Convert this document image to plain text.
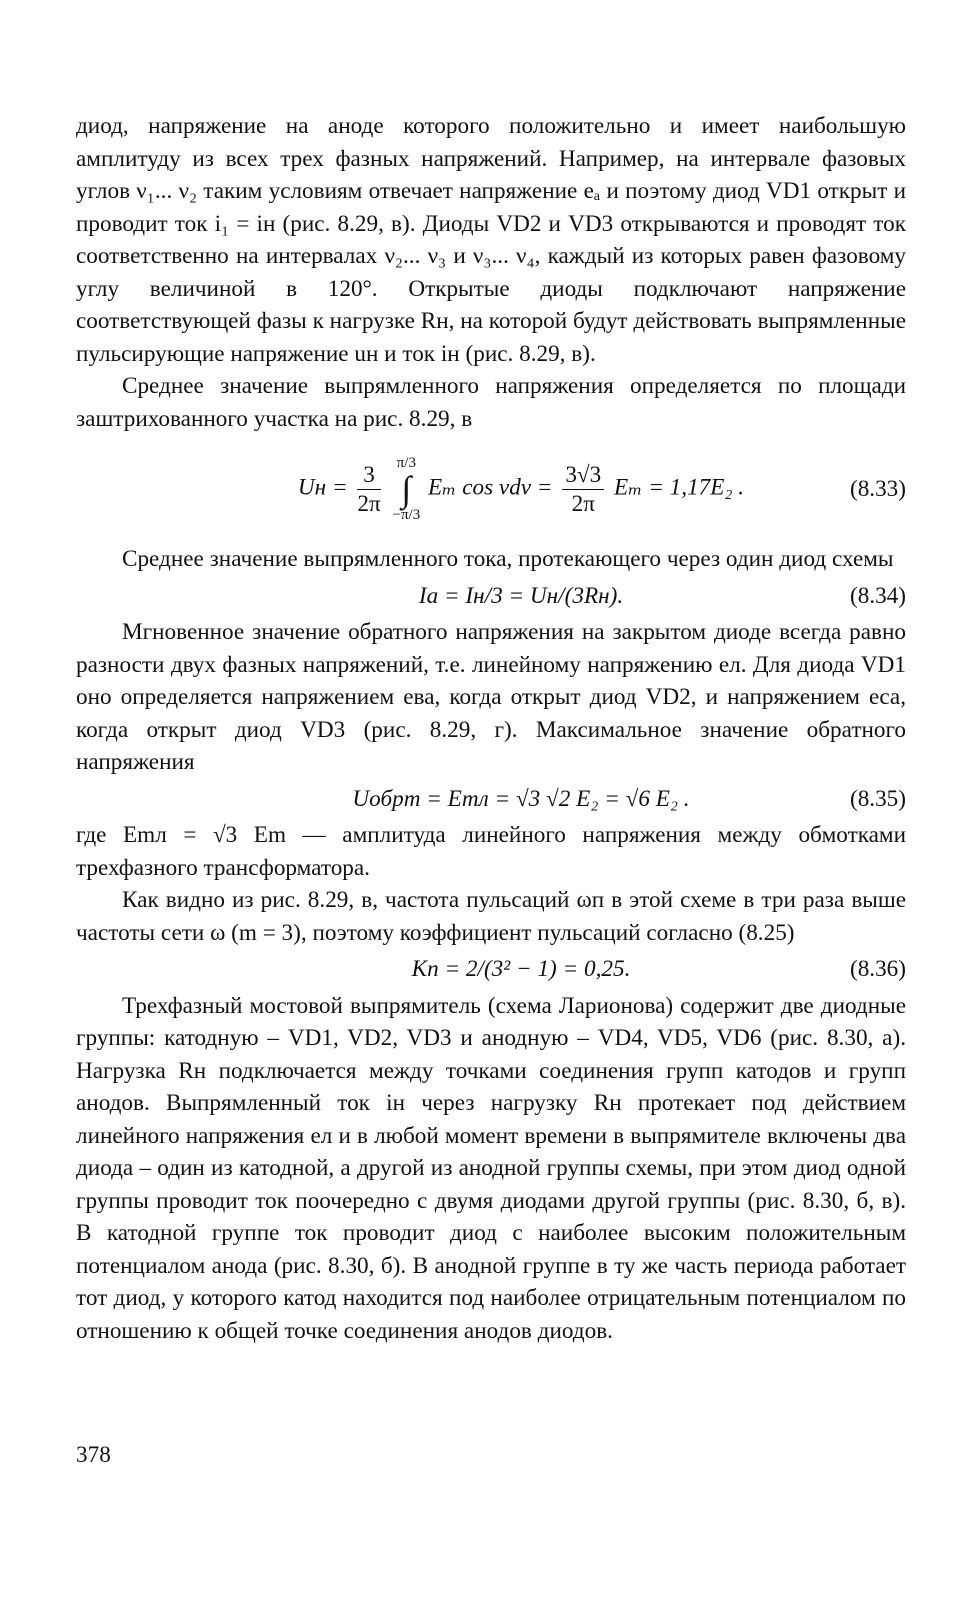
диод, напряжение на аноде которого положительно и имеет наибольшую амплитуду из всех трех фазных напряжений. Например, на интервале фазовых углов ν₁... ν₂ таким условиям отвечает напряжение eₐ и поэтому диод VD1 открыт и проводит ток i₁ = iн (рис. 8.29, в). Диоды VD2 и VD3 открываются и проводят ток соответственно на интервалах ν₂... ν₃ и ν₃... ν₄, каждый из которых равен фазовому углу величиной в 120°. Открытые диоды подключают напряжение соответствующей фазы к нагрузке Rн, на которой будут действовать выпрямленные пульсирующие напряжение uн и ток iн (рис. 8.29, в).

Среднее значение выпрямленного напряжения определяется по площади заштрихованного участка на рис. 8.29, в

Uн = $\frac{3}{2\pi}$
π/3
∫
−π/3
Eₘ $\cos \nu d\nu = \frac{3√3}{2\pi}$ Eₘ = 1,17E₂ .	(8.33)

Среднее значение выпрямленного тока, протекающего через один диод схемы

Iа = Iн/3 = Uн/(3Rн).	(8.34)

Мгновенное значение обратного напряжения на закрытом диоде всегда равно разности двух фазных напряжений, т.е. линейному напряжению eл. Для диода VD1 оно определяется напряжением eва, когда открыт диод VD2, и напряжением eса, когда открыт диод VD3 (рис. 8.29, г). Максимальное значение обратного напряжения

Uобрm = Emл = √3 √2 E₂ = √6 E₂ .	(8.35)

где Emл = √3 Em — амплитуда линейного напряжения между обмотками трехфазного трансформатора.

Как видно из рис. 8.29, в, частота пульсаций ωп в этой схеме в три раза выше частоты сети ω (m = 3), поэтому коэффициент пульсаций согласно (8.25)

Kп = 2/(3² − 1) = 0,25.	(8.36)

Трехфазный мостовой выпрямитель (схема Ларионова) содержит две диодные группы: катодную – VD1, VD2, VD3 и анодную – VD4, VD5, VD6 (рис. 8.30, а). Нагрузка Rн подключается между точками соединения групп катодов и групп анодов. Выпрямленный ток iн через нагрузку Rн протекает под действием линейного напряжения eл и в любой момент времени в выпрямителе включены два диода – один из катодной, а другой из анодной группы схемы, при этом диод одной группы проводит ток поочередно с двумя диодами другой группы (рис. 8.30, б, в). В катодной группе ток проводит диод с наиболее высоким положительным потенциалом анода (рис. 8.30, б). В анодной группе в ту же часть периода работает тот диод, у которого катод находится под наиболее отрицательным потенциалом по отношению к общей точке соединения анодов диодов.

378
